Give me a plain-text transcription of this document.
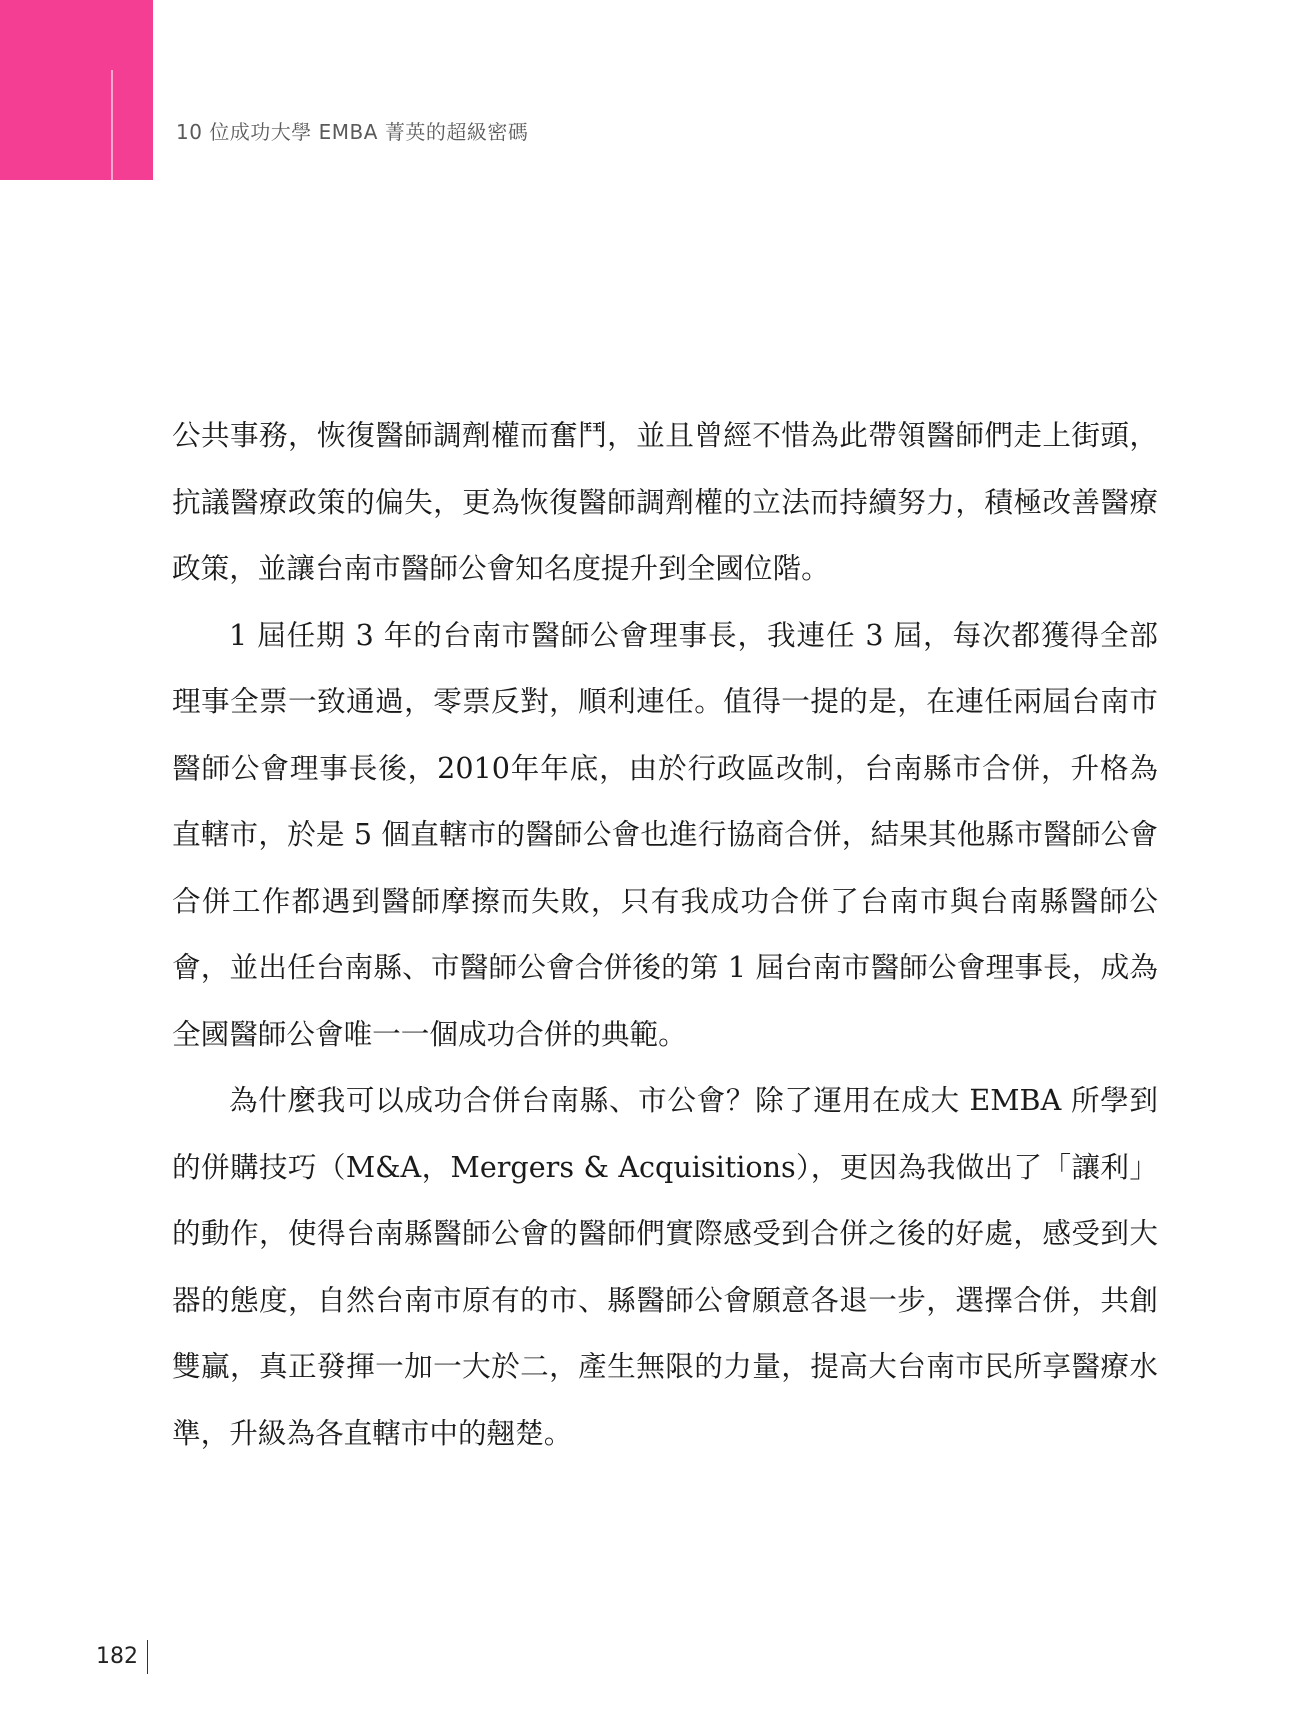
登
峰

10 位成功大學 EMBA 菁英的超級密碼

公共事務，恢復醫師調劑權而奮鬥，並且曾經不惜為此帶領醫師們走上街頭，抗議醫療政策的偏失，更為恢復醫師調劑權的立法而持續努力，積極改善醫療政策，並讓台南市醫師公會知名度提升到全國位階。

1 屆任期 3 年的台南市醫師公會理事長，我連任 3 屆，每次都獲得全部理事全票一致通過，零票反對，順利連任。值得一提的是，在連任兩屆台南市醫師公會理事長後，2010年年底，由於行政區改制，台南縣市合併，升格為直轄市，於是 5 個直轄市的醫師公會也進行協商合併，結果其他縣市醫師公會合併工作都遇到醫師摩擦而失敗，只有我成功合併了台南市與台南縣醫師公會，並出任台南縣、市醫師公會合併後的第 1 屆台南市醫師公會理事長，成為全國醫師公會唯一一個成功合併的典範。

為什麼我可以成功合併台南縣、市公會？除了運用在成大 EMBA 所學到的併購技巧（M&A，Mergers & Acquisitions），更因為我做出了「讓利」的動作，使得台南縣醫師公會的醫師們實際感受到合併之後的好處，感受到大器的態度，自然台南市原有的市、縣醫師公會願意各退一步，選擇合併，共創雙贏，真正發揮一加一大於二，產生無限的力量，提高大台南市民所享醫療水準，升級為各直轄市中的翹楚。

182
